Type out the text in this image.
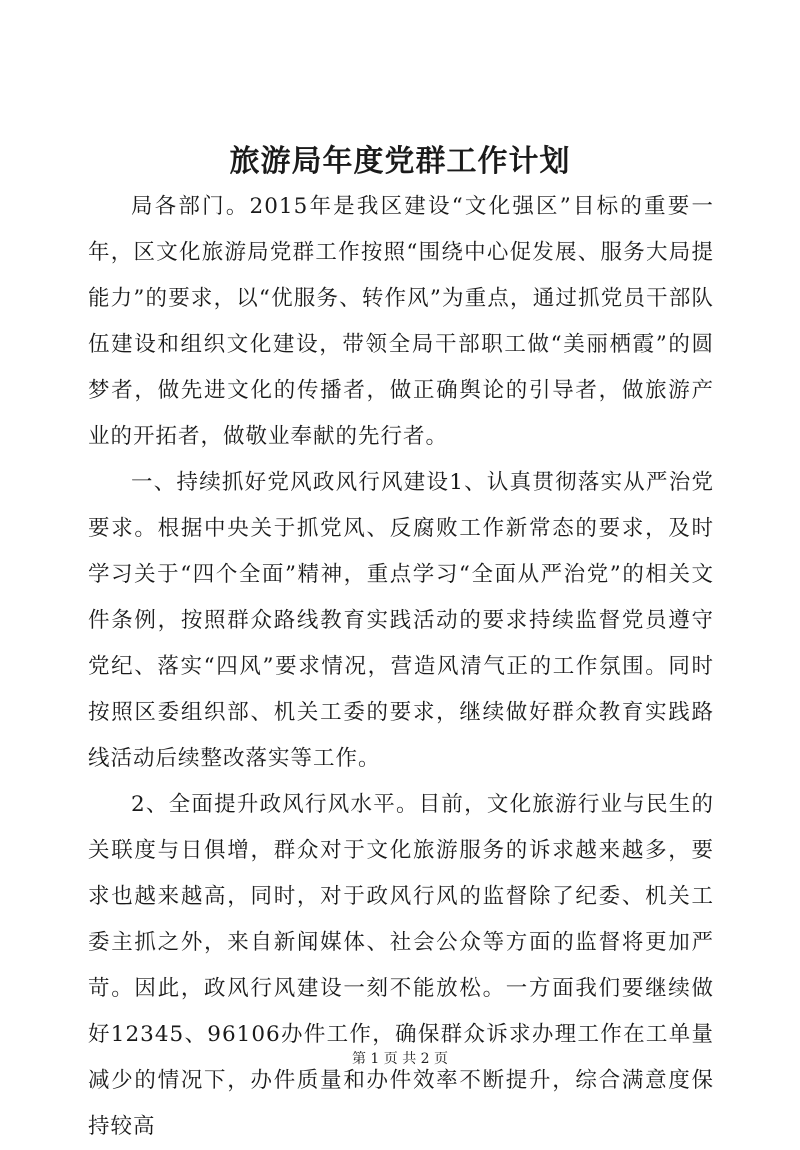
旅游局年度党群工作计划

局各部门。2015年是我区建设“文化强区”目标的重要一年，区文化旅游局党群工作按照“围绕中心促发展、服务大局提能力”的要求，以“优服务、转作风”为重点，通过抓党员干部队伍建设和组织文化建设，带领全局干部职工做“美丽栖霞”的圆梦者，做先进文化的传播者，做正确舆论的引导者，做旅游产业的开拓者，做敬业奉献的先行者。

一、持续抓好党风政风行风建设1、认真贯彻落实从严治党要求。根据中央关于抓党风、反腐败工作新常态的要求，及时学习关于“四个全面”精神，重点学习“全面从严治党”的相关文件条例，按照群众路线教育实践活动的要求持续监督党员遵守党纪、落实“四风”要求情况，营造风清气正的工作氛围。同时按照区委组织部、机关工委的要求，继续做好群众教育实践路线活动后续整改落实等工作。

2、全面提升政风行风水平。目前，文化旅游行业与民生的关联度与日俱增，群众对于文化旅游服务的诉求越来越多，要求也越来越高，同时，对于政风行风的监督除了纪委、机关工委主抓之外，来自新闻媒体、社会公众等方面的监督将更加严苛。因此，政风行风建设一刻不能放松。一方面我们要继续做好12345、96106办件工作，确保群众诉求办理工作在工单量减少的情况下，办件质量和办件效率不断提升，综合满意度保持较高

第 1 页 共 2 页
